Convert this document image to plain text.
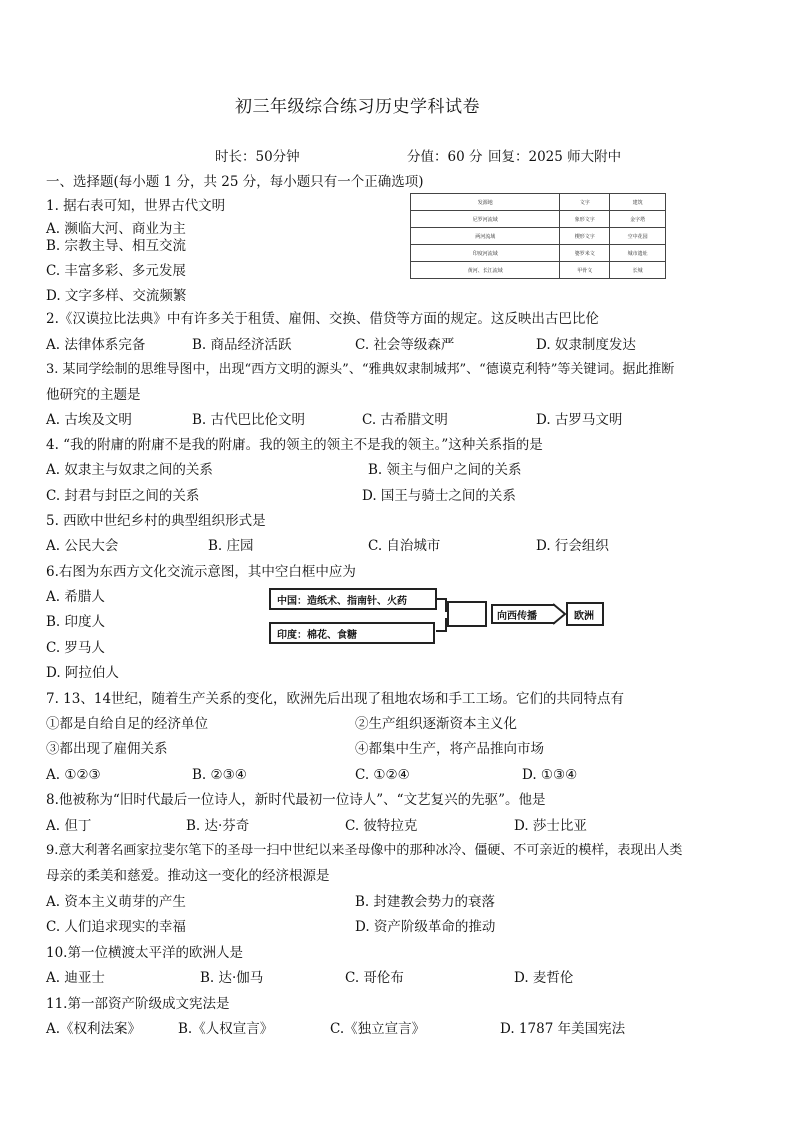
初三年级综合练习历史学科试卷
时长：50分钟	分值：60 分 回复：2025 师大附中
一、选择题(每小题 1 分，共 25 分，每小题只有一个正确选项)
发源地	文字	建筑
尼罗河流域	象形文字	金字塔
两河流域	楔形文字	空中花园
印度河流域	婆罗米文	城市遗址
黄河、长江流域	甲骨文	长城
1. 据右表可知，世界古代文明
A. 濒临大河、商业为主
B. 宗教主导、相互交流
C. 丰富多彩、多元发展
D. 文字多样、交流频繁
2.《汉谟拉比法典》中有许多关于租赁、雇佣、交换、借贷等方面的规定。这反映出古巴比伦
A. 法律体系完备	B. 商品经济活跃	C. 社会等级森严	D. 奴隶制度发达
3. 某同学绘制的思维导图中，出现“西方文明的源头”、“雅典奴隶制城邦”、“德谟克利特”等关键词。据此推断
他研究的主题是
A. 古埃及文明	B. 古代巴比伦文明	C. 古希腊文明	D. 古罗马文明
4. “我的附庸的附庸不是我的附庸。我的领主的领主不是我的领主。”这种关系指的是
A. 奴隶主与奴隶之间的关系	B. 领主与佃户之间的关系
C. 封君与封臣之间的关系	D. 国王与骑士之间的关系
5. 西欧中世纪乡村的典型组织形式是
A. 公民大会	B. 庄园	C. 自治城市	D. 行会组织
6.右图为东西方文化交流示意图，其中空白框中应为
A. 希腊人
B. 印度人
C. 罗马人
D. 阿拉伯人
中国：造纸术、指南针、火药
印度：棉花、食糖
向西传播	欧洲
7. 13、14世纪，随着生产关系的变化，欧洲先后出现了租地农场和手工工场。它们的共同特点有
①都是自给自足的经济单位	②生产组织逐渐资本主义化
③都出现了雇佣关系	④都集中生产，将产品推向市场
A. ①②③	B. ②③④	C. ①②④	D. ①③④
8.他被称为“旧时代最后一位诗人，新时代最初一位诗人”、“文艺复兴的先驱”。他是
A. 但丁	B. 达·芬奇	C. 彼特拉克	D. 莎士比亚
9.意大利著名画家拉斐尔笔下的圣母一扫中世纪以来圣母像中的那种冰冷、僵硬、不可亲近的模样，表现出人类
母亲的柔美和慈爱。推动这一变化的经济根源是
A. 资本主义萌芽的产生	B. 封建教会势力的衰落
C. 人们追求现实的幸福	D. 资产阶级革命的推动
10.第一位横渡太平洋的欧洲人是
A. 迪亚士	B. 达·伽马	C. 哥伦布	D. 麦哲伦
11.第一部资产阶级成文宪法是
A.《权利法案》	B.《人权宣言》	C.《独立宣言》	D. 1787 年美国宪法
